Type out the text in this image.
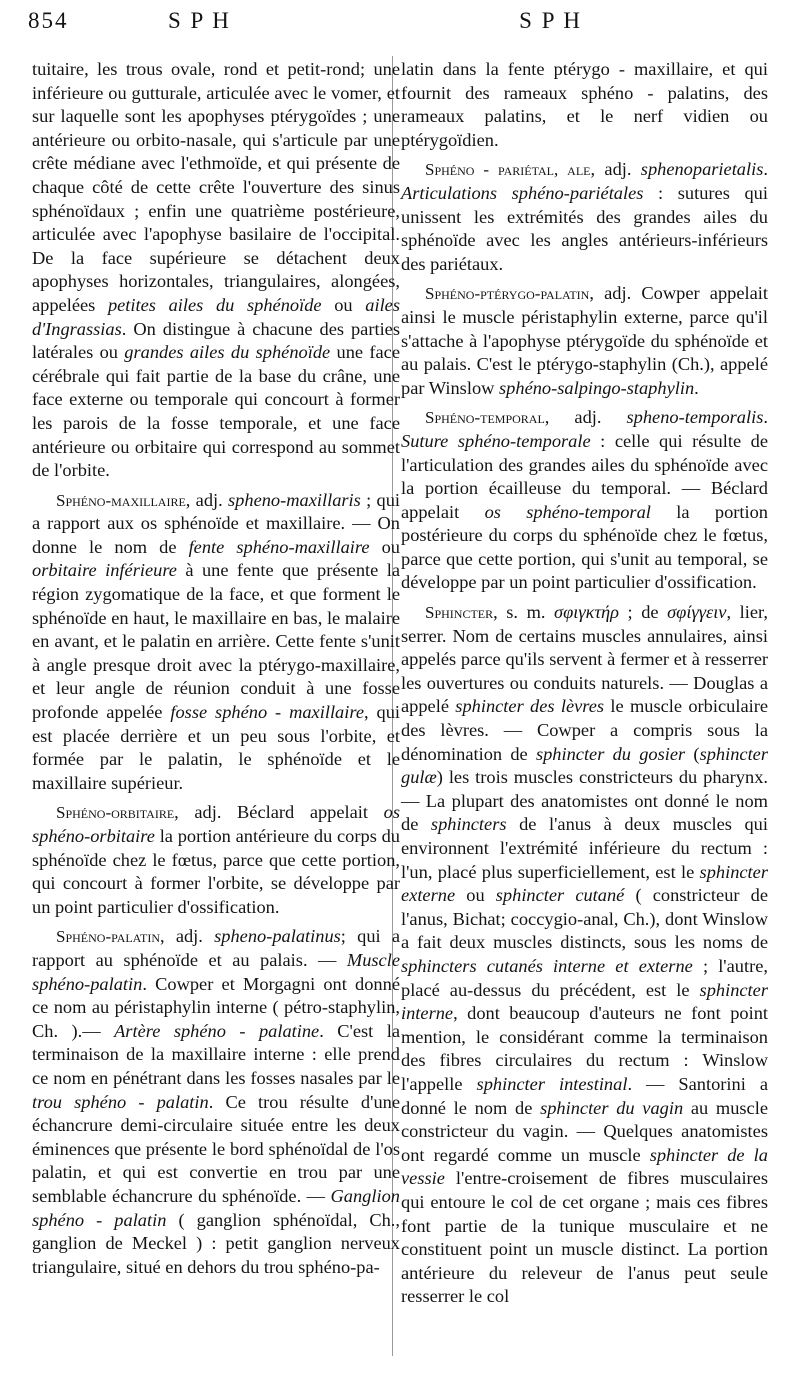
854	S P H	S P H

tuitaire, les trous ovale, rond et petit-rond; une inférieure ou gutturale, articulée avec le vomer, et sur laquelle sont les apophyses ptérygoïdes ; une antérieure ou orbito-nasale, qui s'articule par une crête médiane avec l'ethmoïde, et qui présente de chaque côté de cette crête l'ouverture des sinus sphénoïdaux ; enfin une quatrième postérieure, articulée avec l'apophyse basilaire de l'occipital. De la face supérieure se détachent deux apophyses horizontales, triangulaires, alongées, appelées petites ailes du sphénoïde ou ailes d'Ingrassias. On distingue à chacune des parties latérales ou grandes ailes du sphénoïde une face cérébrale qui fait partie de la base du crâne, une face externe ou temporale qui concourt à former les parois de la fosse temporale, et une face antérieure ou orbitaire qui correspond au sommet de l'orbite.

Sphéno-maxillaire, adj. spheno-maxillaris ; qui a rapport aux os sphénoïde et maxillaire. — On donne le nom de fente sphéno-maxillaire ou orbitaire inférieure à une fente que présente la région zygomatique de la face, et que forment le sphénoïde en haut, le maxillaire en bas, le malaire en avant, et le palatin en arrière. Cette fente s'unit à angle presque droit avec la ptérygo-maxillaire, et leur angle de réunion conduit à une fosse profonde appelée fosse sphéno - maxillaire, qui est placée derrière et un peu sous l'orbite, et formée par le palatin, le sphénoïde et le maxillaire supérieur.

Sphéno-orbitaire, adj. Béclard appelait os sphéno-orbitaire la portion antérieure du corps du sphénoïde chez le fœtus, parce que cette portion, qui concourt à former l'orbite, se développe par un point particulier d'ossification.

Sphéno-palatin, adj. spheno-palatinus; qui a rapport au sphénoïde et au palais. — Muscle sphéno-palatin. Cowper et Morgagni ont donné ce nom au péristaphylin interne ( pétro-staphylin, Ch. ).— Artère sphéno - palatine. C'est la terminaison de la maxillaire interne : elle prend ce nom en pénétrant dans les fosses nasales par le trou sphéno - palatin. Ce trou résulte d'une échancrure demi-circulaire située entre les deux éminences que présente le bord sphénoïdal de l'os palatin, et qui est convertie en trou par une semblable échancrure du sphénoïde. — Ganglion sphéno - palatin ( ganglion sphénoïdal, Ch., ganglion de Meckel ) : petit ganglion nerveux triangulaire, situé en dehors du trou sphéno-pa-

latin dans la fente ptérygo - maxillaire, et qui fournit des rameaux sphéno - palatins, des rameaux palatins, et le nerf vidien ou ptérygoïdien.

Sphéno - pariétal, ale, adj. sphenoparietalis. Articulations sphéno-pariétales : sutures qui unissent les extrémités des grandes ailes du sphénoïde avec les angles antérieurs-inférieurs des pariétaux.

Sphéno-ptérygo-palatin, adj. Cowper appelait ainsi le muscle péristaphylin externe, parce qu'il s'attache à l'apophyse ptérygoïde du sphénoïde et au palais. C'est le ptérygo-staphylin (Ch.), appelé par Winslow sphéno-salpingo-staphylin.

Sphéno-temporal, adj. spheno-temporalis. Suture sphéno-temporale : celle qui résulte de l'articulation des grandes ailes du sphénoïde avec la portion écailleuse du temporal. — Béclard appelait os sphéno-temporal la portion postérieure du corps du sphénoïde chez le fœtus, parce que cette portion, qui s'unit au temporal, se développe par un point particulier d'ossification.

Sphincter, s. m. σφιγκτήρ ; de σφίγγειν, lier, serrer. Nom de certains muscles annulaires, ainsi appelés parce qu'ils servent à fermer et à resserrer les ouvertures ou conduits naturels. — Douglas a appelé sphincter des lèvres le muscle orbiculaire des lèvres. — Cowper a compris sous la dénomination de sphincter du gosier (sphincter gulæ) les trois muscles constricteurs du pharynx. — La plupart des anatomistes ont donné le nom de sphincters de l'anus à deux muscles qui environnent l'extrémité inférieure du rectum : l'un, placé plus superficiellement, est le sphincter externe ou sphincter cutané ( constricteur de l'anus, Bichat; coccygio-anal, Ch.), dont Winslow a fait deux muscles distincts, sous les noms de sphincters cutanés interne et externe ; l'autre, placé au-dessus du précédent, est le sphincter interne, dont beaucoup d'auteurs ne font point mention, le considérant comme la terminaison des fibres circulaires du rectum : Winslow l'appelle sphincter intestinal. — Santorini a donné le nom de sphincter du vagin au muscle constricteur du vagin. — Quelques anatomistes ont regardé comme un muscle sphincter de la vessie l'entre-croisement de fibres musculaires qui entoure le col de cet organe ; mais ces fibres font partie de la tunique musculaire et ne constituent point un muscle distinct. La portion antérieure du releveur de l'anus peut seule resserrer le col
